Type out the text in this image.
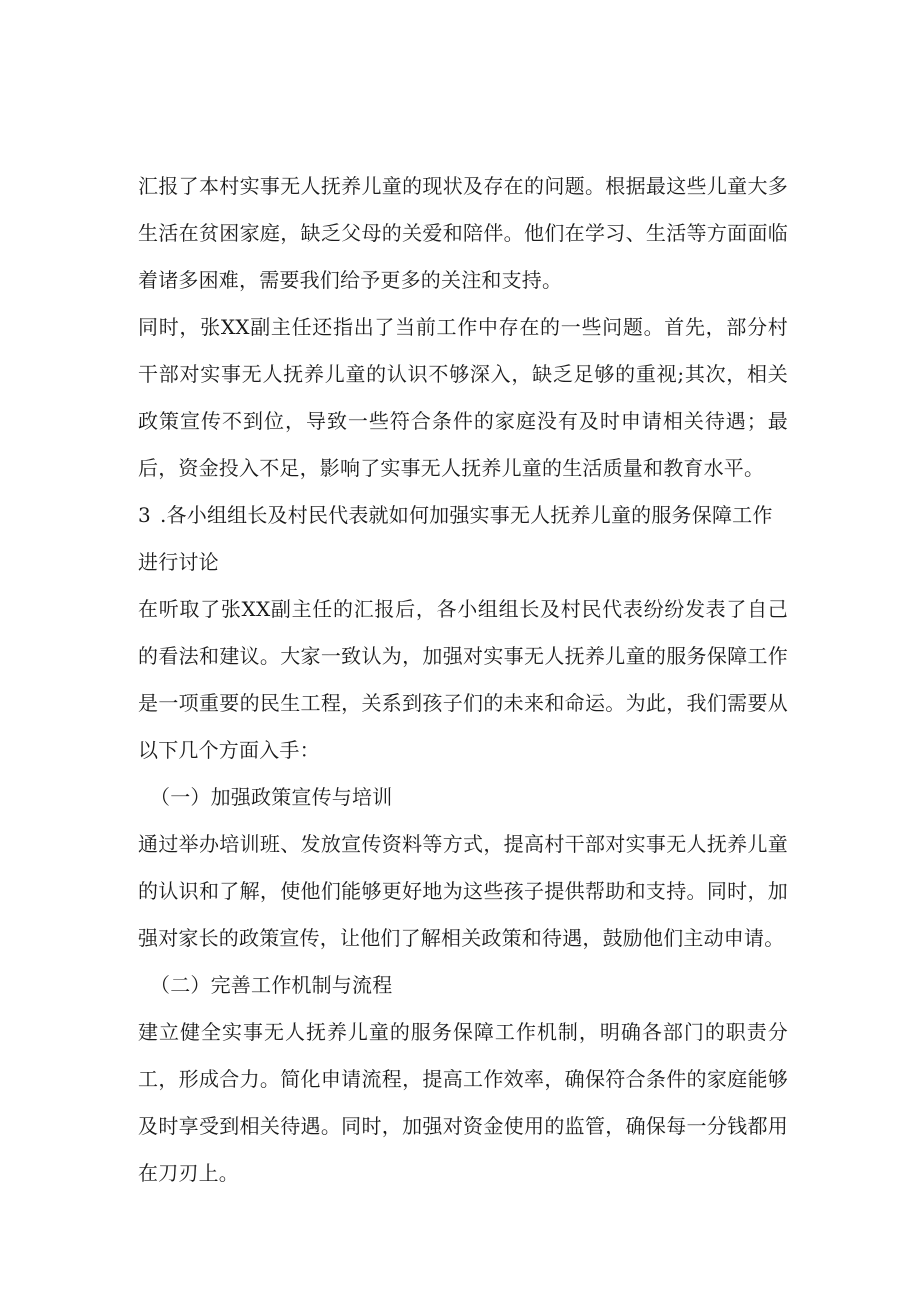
汇报了本村实事无人抚养儿童的现状及存在的问题。根据最这些儿童大多生活在贫困家庭，缺乏父母的关爱和陪伴。他们在学习、生活等方面面临着诸多困难，需要我们给予更多的关注和支持。

同时，张XX副主任还指出了当前工作中存在的一些问题。首先，部分村干部对实事无人抚养儿童的认识不够深入，缺乏足够的重视;其次，相关政策宣传不到位，导致一些符合条件的家庭没有及时申请相关待遇；最后，资金投入不足，影响了实事无人抚养儿童的生活质量和教育水平。

3 .各小组组长及村民代表就如何加强实事无人抚养儿童的服务保障工作进行讨论

在听取了张XX副主任的汇报后，各小组组长及村民代表纷纷发表了自己的看法和建议。大家一致认为，加强对实事无人抚养儿童的服务保障工作是一项重要的民生工程，关系到孩子们的未来和命运。为此，我们需要从以下几个方面入手：

（一）加强政策宣传与培训

通过举办培训班、发放宣传资料等方式，提高村干部对实事无人抚养儿童的认识和了解，使他们能够更好地为这些孩子提供帮助和支持。同时，加强对家长的政策宣传，让他们了解相关政策和待遇，鼓励他们主动申请。

（二）完善工作机制与流程

建立健全实事无人抚养儿童的服务保障工作机制，明确各部门的职责分工，形成合力。简化申请流程，提高工作效率，确保符合条件的家庭能够及时享受到相关待遇。同时，加强对资金使用的监管，确保每一分钱都用在刀刃上。
